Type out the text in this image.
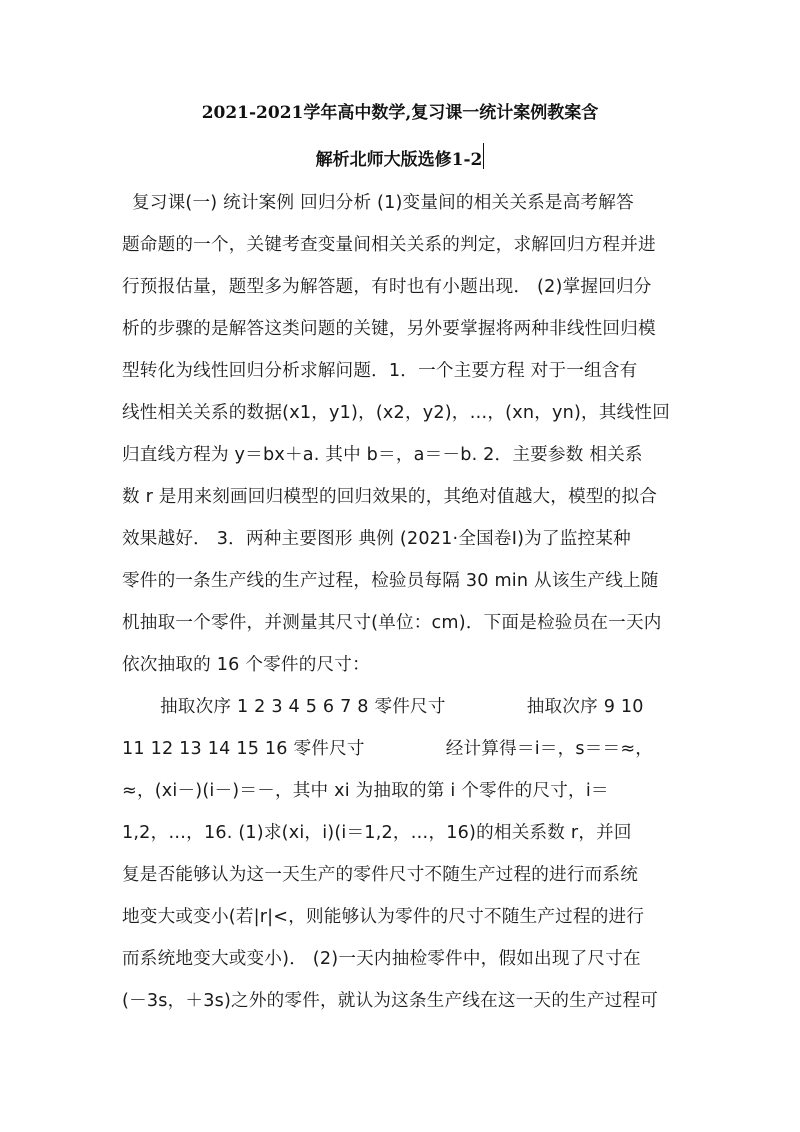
2021-2021学年高中数学,复习课一统计案例教案含
解析北师大版选修1-2
复习课(一) 统计案例 回归分析 (1)变量间的相关关系是高考解答
题命题的一个，关键考查变量间相关关系的判定，求解回归方程并进
行预报估量，题型多为解答题，有时也有小题出现． (2)掌握回归分
析的步骤的是解答这类问题的关键，另外要掌握将两种非线性回归模
型转化为线性回归分析求解问题．1．一个主要方程 对于一组含有
线性相关关系的数据(x1，y1)，(x2，y2)，…，(xn，yn)，其线性回
归直线方程为 y＝bx＋a. 其中 b＝，a＝－b. 2．主要参数 相关系
数 r 是用来刻画回归模型的回归效果的，其绝对值越大，模型的拟合
效果越好． 3．两种主要图形 典例 (2021·全国卷Ⅰ)为了监控某种
零件的一条生产线的生产过程，检验员每隔 30 min 从该生产线上随
机抽取一个零件，并测量其尺寸(单位：cm)．下面是检验员在一天内
依次抽取的 16 个零件的尺寸：
抽取次序 1 2 3 4 5 6 7 8 零件尺寸              抽取次序 9 10
11 12 13 14 15 16 零件尺寸              经计算得＝i＝，s＝＝≈，
≈，(xi－)(i－)＝－，其中 xi 为抽取的第 i 个零件的尺寸，i＝
1,2，…，16. (1)求(xi，i)(i＝1,2，…，16)的相关系数 r，并回
复是否能够认为这一天生产的零件尺寸不随生产过程的进行而系统
地变大或变小(若|r|<，则能够认为零件的尺寸不随生产过程的进行
而系统地变大或变小)． (2)一天内抽检零件中，假如出现了尺寸在
(－3s，＋3s)之外的零件，就认为这条生产线在这一天的生产过程可
